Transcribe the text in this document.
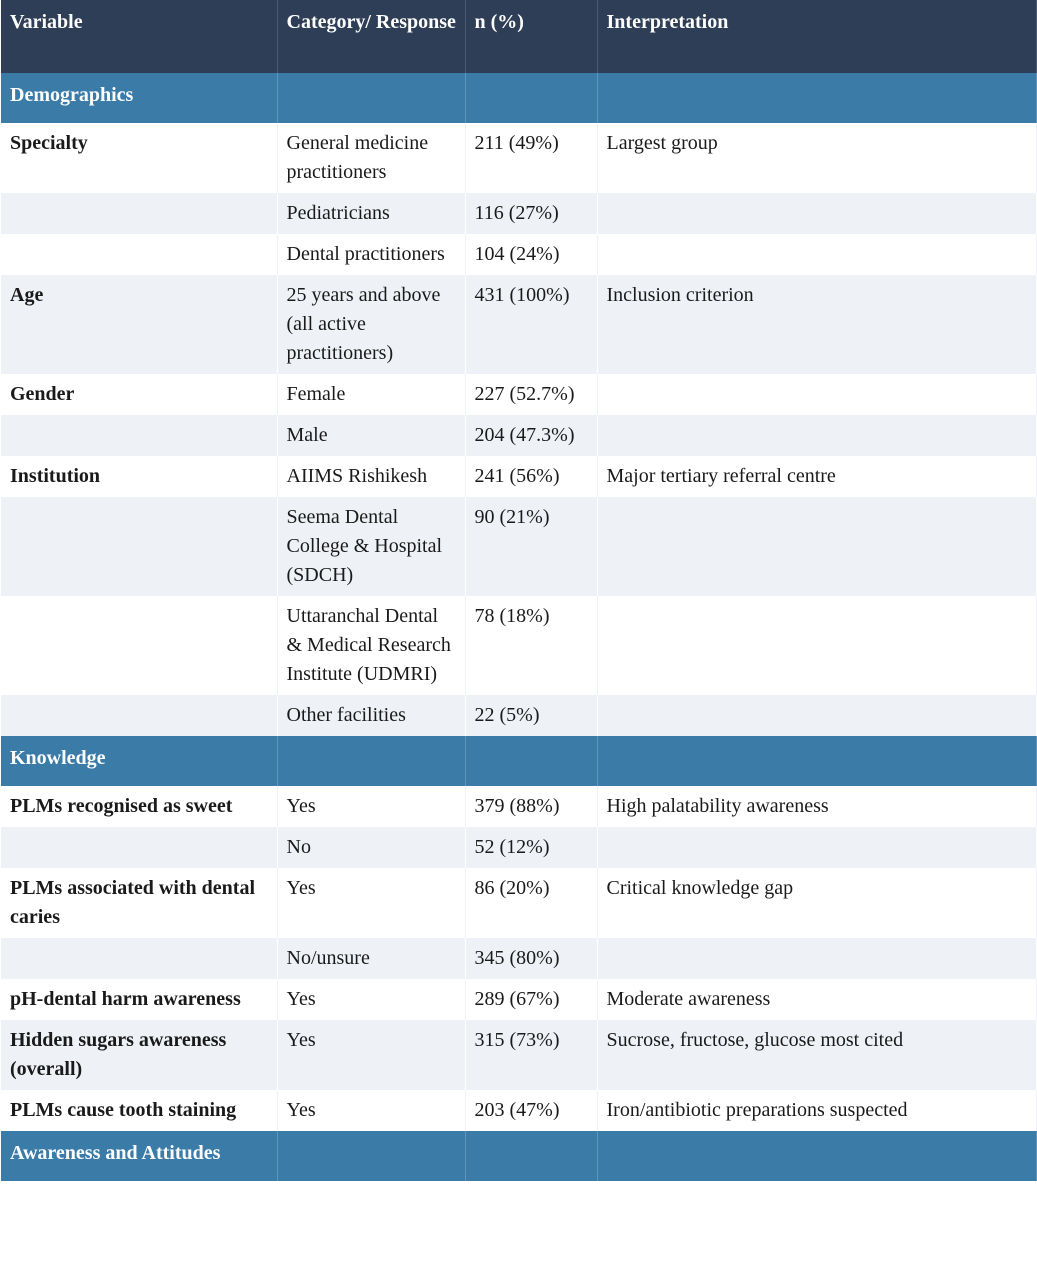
Variable	Category/ Response	n (%)	Interpretation
Demographics			
Specialty	General medicine practitioners	211 (49%)	Largest group
	Pediatricians	116 (27%)	
	Dental practitioners	104 (24%)	
Age	25 years and above (all active practitioners)	431 (100%)	Inclusion criterion
Gender	Female	227 (52.7%)	
	Male	204 (47.3%)	
Institution	AIIMS Rishikesh	241 (56%)	Major tertiary referral centre
	Seema Dental College & Hospital (SDCH)	90 (21%)	
	Uttaranchal Dental & Medical Research Institute (UDMRI)	78 (18%)	
	Other facilities	22 (5%)	
Knowledge			
PLMs recognised as sweet	Yes	379 (88%)	High palatability awareness
	No	52 (12%)	
PLMs associated with dental caries	Yes	86 (20%)	Critical knowledge gap
	No/unsure	345 (80%)	
pH-dental harm awareness	Yes	289 (67%)	Moderate awareness
Hidden sugars awareness (overall)	Yes	315 (73%)	Sucrose, fructose, glucose most cited
PLMs cause tooth staining	Yes	203 (47%)	Iron/antibiotic preparations suspected
Awareness and Attitudes			
